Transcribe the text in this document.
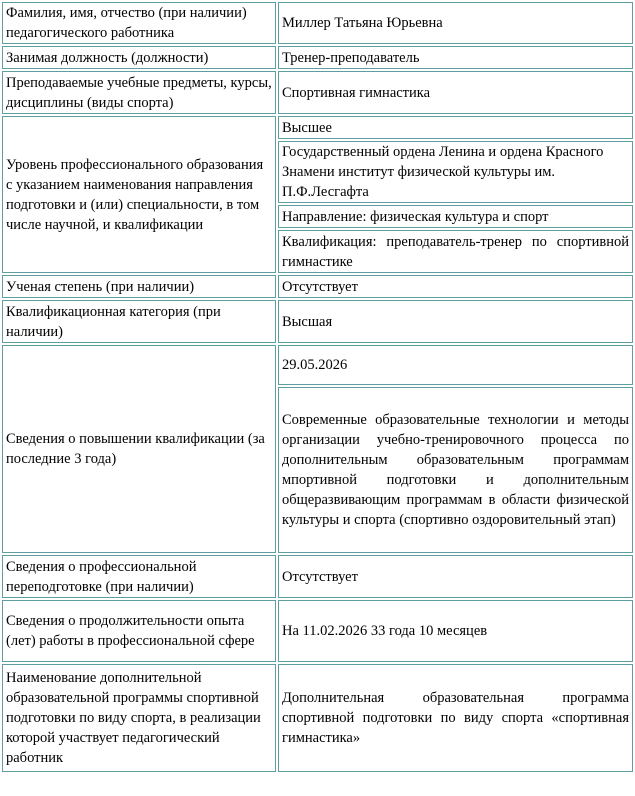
Фамилия, имя, отчество (при наличии) педагогического работника	Миллер Татьяна Юрьевна
Занимая должность (должности)	Тренер-преподаватель
Преподаваемые учебные предметы, курсы, дисциплины (виды спорта)	Спортивная гимнастика
Уровень профессионального образования с указанием наименования направления подготовки и (или) специальности, в том числе научной, и квалификации	Высшее
	Государственный ордена Ленина и ордена Красного Знамени институт физической культуры им. П.Ф.Лесгафта
	Направление: физическая культура и спорт
	Квалификация: преподаватель-тренер по спортивной гимнастике
Ученая степень (при наличии)	Отсутствует
Квалификационная категория (при наличии)	Высшая
Сведения о повышении квалификации (за последние 3 года)	29.05.2026
	Современные образовательные технологии и методы организации учебно-тренировочного процесса по дополнительным образовательным программам мпортивной подготовки и дополнительным общеразвивающим программам в области физической культуры и спорта (спортивно оздоровительный этап)
Сведения о профессиональной переподготовке (при наличии)	Отсутствует
Сведения о продолжительности опыта (лет) работы в профессиональной сфере	На 11.02.2026 33 года 10 месяцев
Наименование дополнительной образовательной программы спортивной подготовки по виду спорта, в реализации которой участвует педагогический работник	Дополнительная образовательная программа спортивной подготовки по виду спорта «спортивная гимнастика»
